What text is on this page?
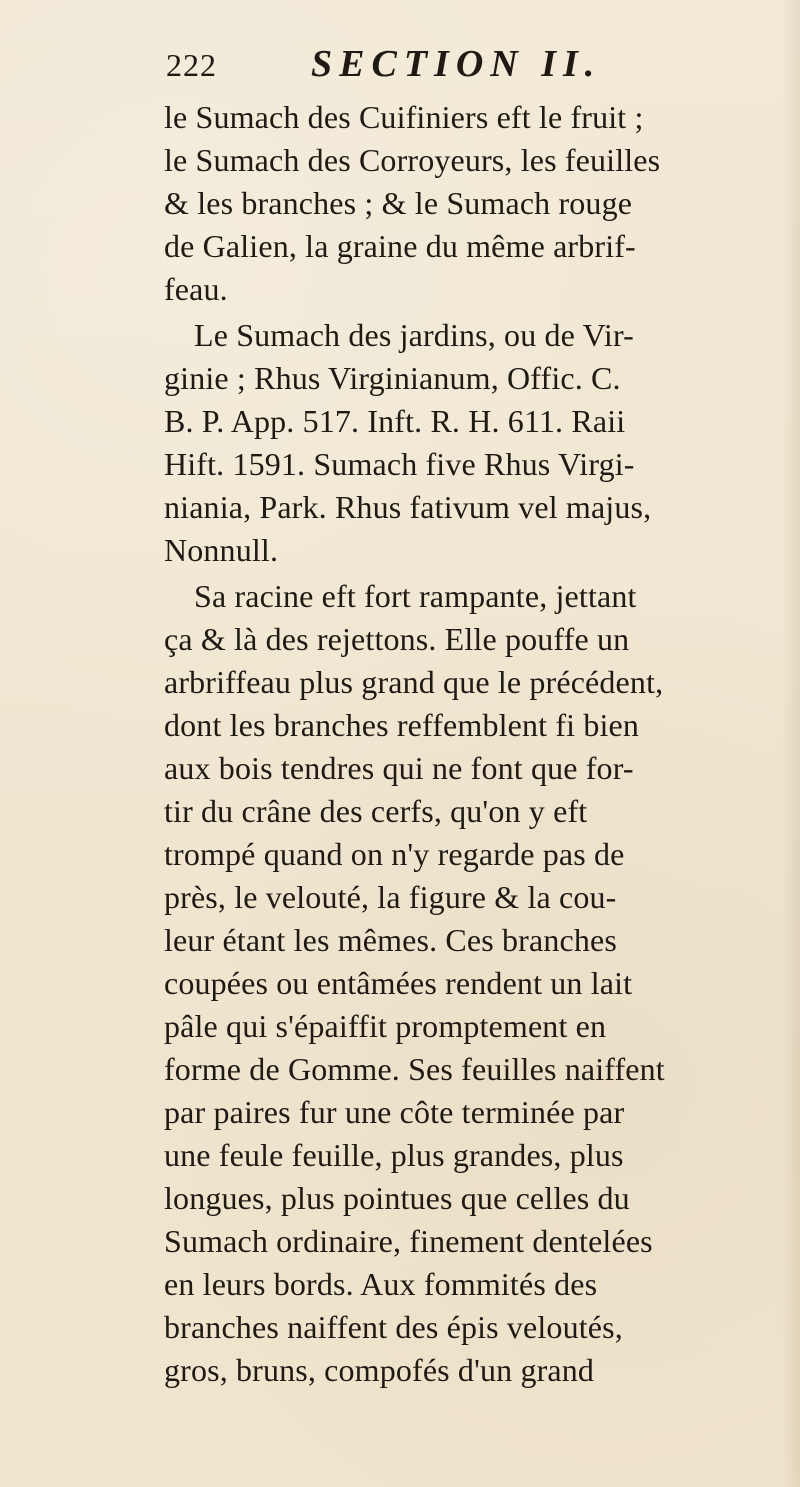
222 SECTION II.
le Sumach des Cuifiniers eft le fruit ;
le Sumach des Corroyeurs, les feuilles
& les branches ; & le Sumach rouge
de Galien, la graine du même arbrif-
feau.
Le Sumach des jardins, ou de Vir-
ginie ; Rhus Virginianum, Offic. C.
B. P. App. 517. Inft. R. H. 611. Raii
Hift. 1591. Sumach five Rhus Virgi-
niania, Park. Rhus fativum vel majus,
Nonnull.
Sa racine eft fort rampante, jettant
ça & là des rejettons. Elle pouffe un
arbriffeau plus grand que le précédent,
dont les branches reffemblent fi bien
aux bois tendres qui ne font que for-
tir du crâne des cerfs, qu'on y eft
trompé quand on n'y regarde pas de
près, le velouté, la figure & la cou-
leur étant les mêmes. Ces branches
coupées ou entâmées rendent un lait
pâle qui s'épaiffit promptement en
forme de Gomme. Ses feuilles naiffent
par paires fur une côte terminée par
une feule feuille, plus grandes, plus
longues, plus pointues que celles du
Sumach ordinaire, finement dentelées
en leurs bords. Aux fommités des
branches naiffent des épis veloutés,
gros, bruns, compofés d'un grand
